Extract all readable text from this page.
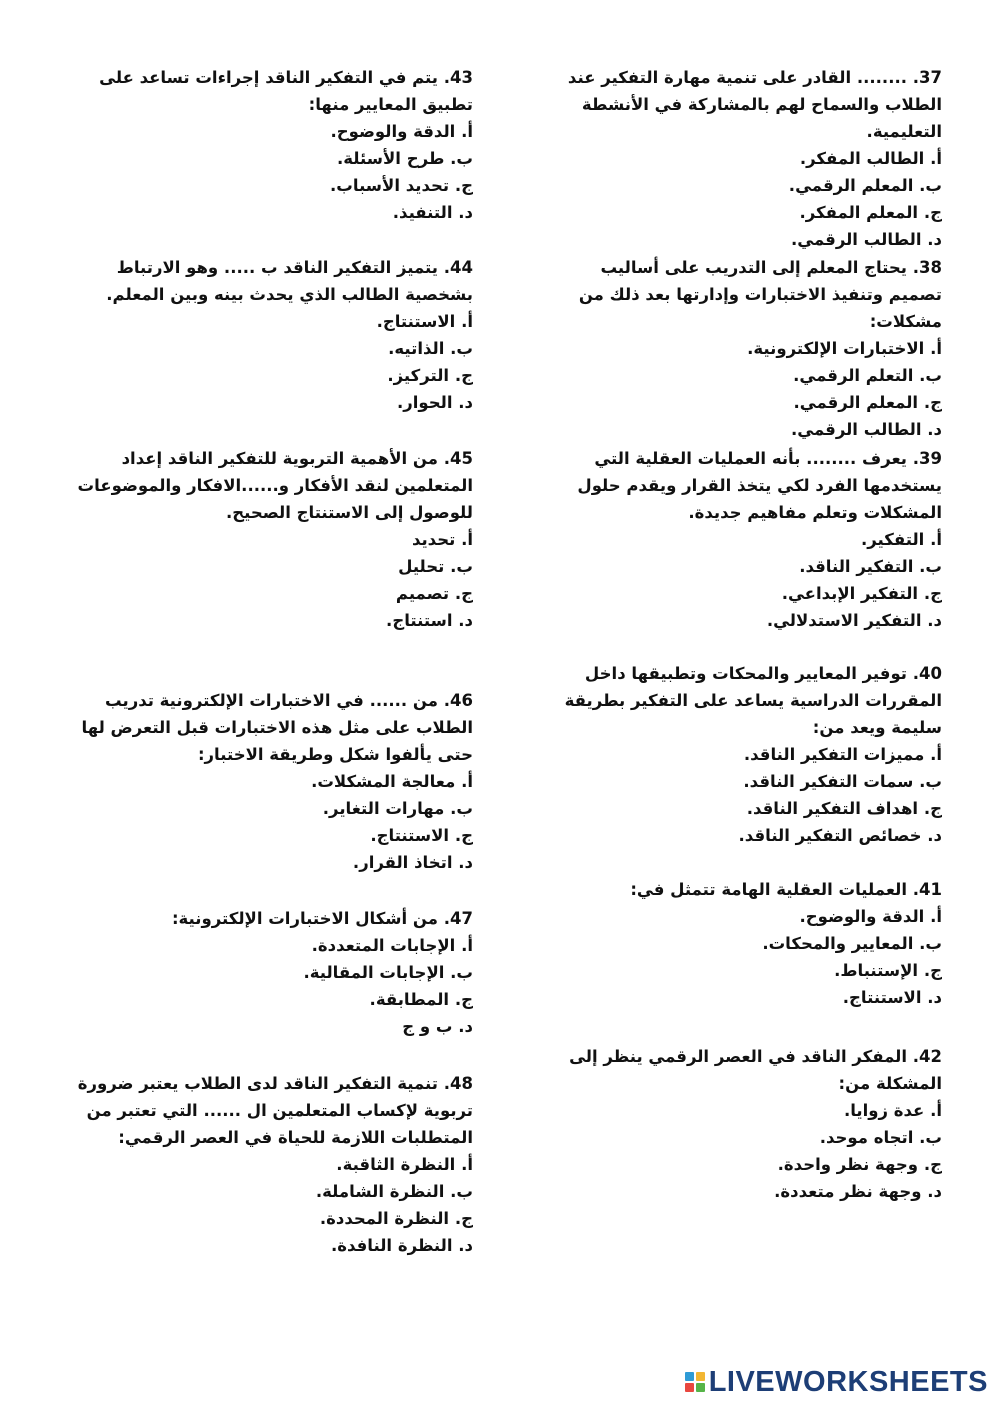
37. ........ القادر على تنمية مهارة التفكير عند الطلاب والسماح لهم بالمشاركة في الأنشطة التعليمية.
أ. الطالب المفكر.
ب. المعلم الرقمي.
ج. المعلم المفكر.
د. الطالب الرقمي.
38. يحتاج المعلم إلى التدريب على أساليب تصميم وتنفيذ الاختبارات وإدارتها بعد ذلك من مشكلات:
أ. الاختبارات الإلكترونية.
ب. التعلم الرقمي.
ج. المعلم الرقمي.
د. الطالب الرقمي.
39. يعرف ........ بأنه العمليات العقلية التي يستخدمها الفرد لكي يتخذ القرار ويقدم حلول المشكلات وتعلم مفاهيم جديدة.
أ. التفكير.
ب. التفكير الناقد.
ج. التفكير الإبداعي.
د. التفكير الاستدلالي.
40. توفير المعايير والمحكات وتطبيقها داخل المقررات الدراسية يساعد على التفكير بطريقة سليمة ويعد من:
أ. مميزات التفكير الناقد.
ب. سمات التفكير الناقد.
ج. اهداف التفكير الناقد.
د. خصائص التفكير الناقد.
41. العمليات العقلية الهامة تتمثل في:
أ. الدقة والوضوح.
ب. المعايير والمحكات.
ج. الإستنباط.
د. الاستنتاج.
42. المفكر الناقد في العصر الرقمي ينظر إلى المشكلة من:
أ. عدة زوايا.
ب. اتجاه موحد.
ج. وجهة نظر واحدة.
د. وجهة نظر متعددة.
43. يتم في التفكير الناقد إجراءات تساعد على تطبيق المعايير منها:
أ. الدقة والوضوح.
ب. طرح الأسئلة.
ج. تحديد الأسباب.
د. التنفيذ.
44. يتميز التفكير الناقد ب ..... وهو الارتباط بشخصية الطالب الذي يحدث بينه وبين المعلم.
أ. الاستنتاج.
ب. الذاتيه.
ج. التركيز.
د. الحوار.
45. من الأهمية التربوية للتفكير الناقد إعداد المتعلمين لنقد الأفكار و......الافكار والموضوعات للوصول إلى الاستنتاج الصحيح.
أ. تحديد
ب. تحليل
ج. تصميم
د. استنتاج.
46. من ...... في الاختبارات الإلكترونية تدريب الطلاب على مثل هذه الاختبارات قبل التعرض لها حتى يألفوا شكل وطريقة الاختبار:
أ. معالجة المشكلات.
ب. مهارات التغاير.
ج. الاستنتاج.
د. اتخاذ القرار.
47. من أشكال الاختبارات الإلكترونية:
أ. الإجابات المتعددة.
ب. الإجابات المقالية.
ج. المطابقة.
د. ب و ج
48. تنمية التفكير الناقد لدى الطلاب يعتبر ضرورة تربوية لإكساب المتعلمين ال ...... التي تعتبر من المتطلبات اللازمة للحياة في العصر الرقمي:
أ. النظرة الثاقبة.
ب. النظرة الشاملة.
ج. النظرة المحددة.
د. النظرة النافدة.
LIVEWORKSHEETS
